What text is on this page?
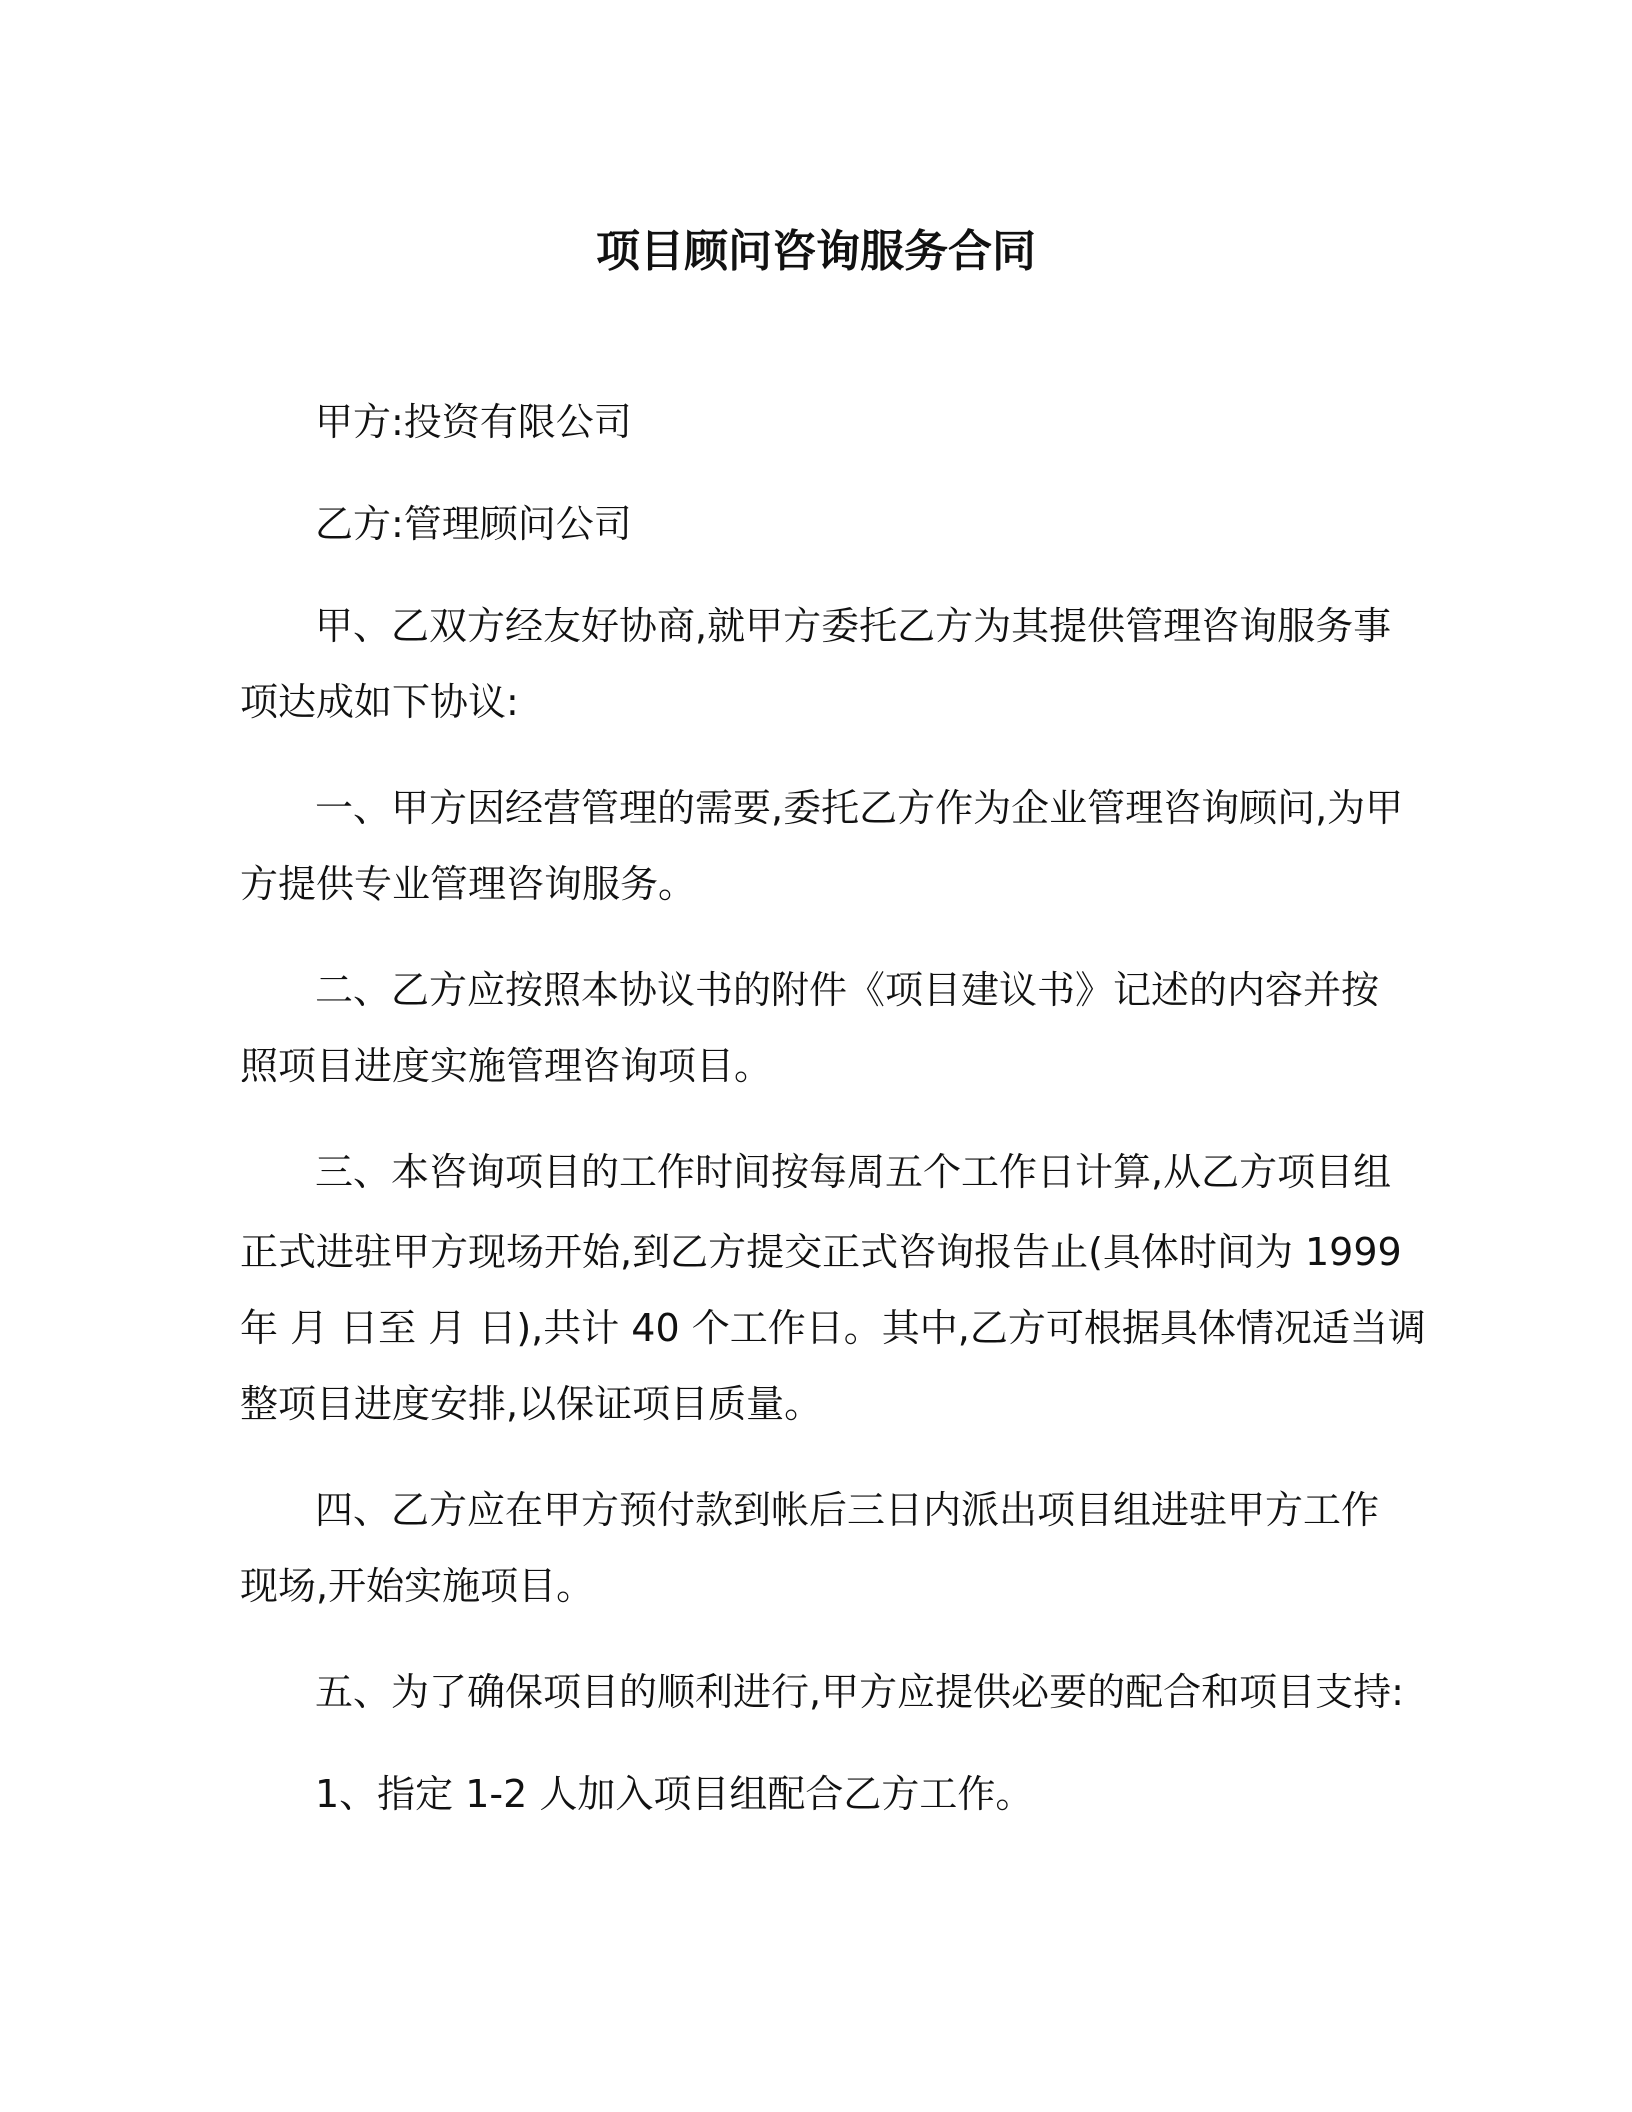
项目顾问咨询服务合同
甲方:投资有限公司
乙方:管理顾问公司
甲、乙双方经友好协商,就甲方委托乙方为其提供管理咨询服务事
项达成如下协议:
一、甲方因经营管理的需要,委托乙方作为企业管理咨询顾问,为甲
方提供专业管理咨询服务。
二、乙方应按照本协议书的附件《项目建议书》记述的内容并按
照项目进度实施管理咨询项目。
三、本咨询项目的工作时间按每周五个工作日计算,从乙方项目组
正式进驻甲方现场开始,到乙方提交正式咨询报告止(具体时间为 1999
年 月 日至 月 日),共计 40 个工作日。其中,乙方可根据具体情况适当调
整项目进度安排,以保证项目质量。
四、乙方应在甲方预付款到帐后三日内派出项目组进驻甲方工作
现场,开始实施项目。
五、为了确保项目的顺利进行,甲方应提供必要的配合和项目支持:
1、指定 1-2 人加入项目组配合乙方工作。
